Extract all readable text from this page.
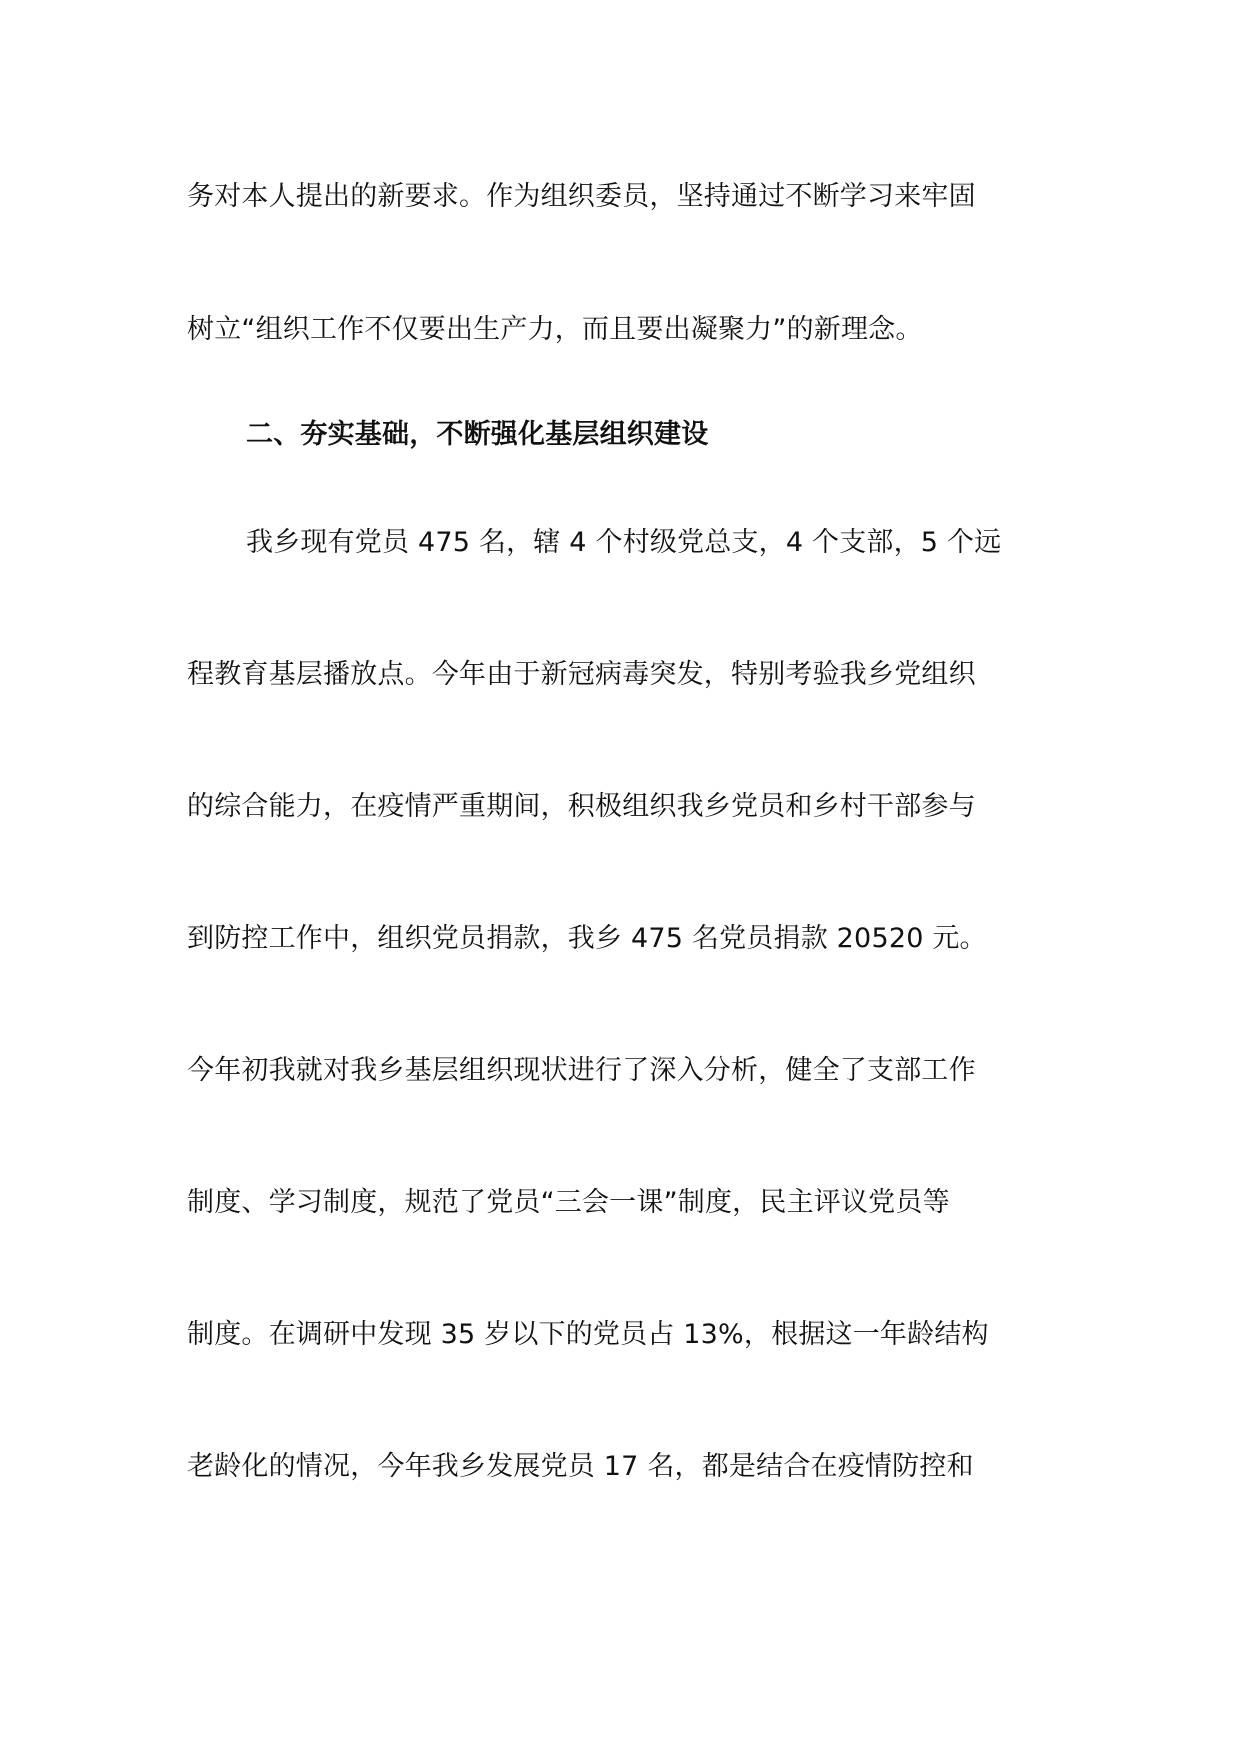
务对本人提出的新要求。作为组织委员，坚持通过不断学习来牢固
树立“组织工作不仅要出生产力，而且要出凝聚力”的新理念。
二、夯实基础，不断强化基层组织建设
我乡现有党员 475 名，辖 4 个村级党总支，4 个支部，5 个远
程教育基层播放点。今年由于新冠病毒突发，特别考验我乡党组织
的综合能力，在疫情严重期间，积极组织我乡党员和乡村干部参与
到防控工作中，组织党员捐款，我乡 475 名党员捐款 20520 元。
今年初我就对我乡基层组织现状进行了深入分析，健全了支部工作
制度、学习制度，规范了党员“三会一课”制度，民主评议党员等
制度。在调研中发现 35 岁以下的党员占 13%，根据这一年龄结构
老龄化的情况，今年我乡发展党员 17 名，都是结合在疫情防控和
